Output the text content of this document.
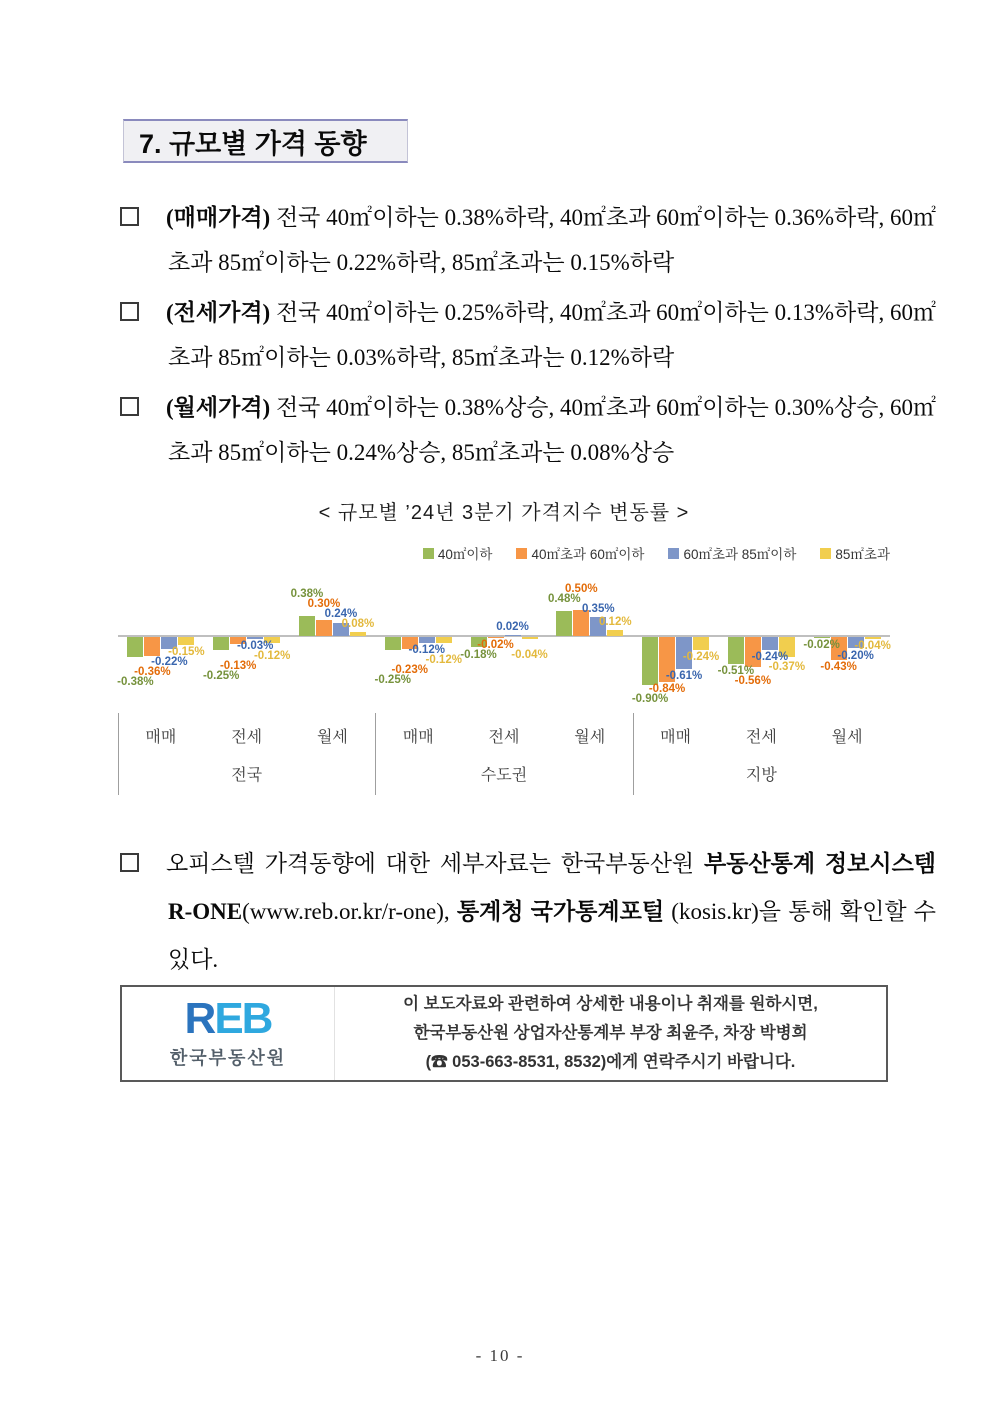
7. 규모별 가격 동향
(매매가격) 전국 40㎡이하는 0.38%하락, 40㎡초과 60㎡이하는 0.36%하락, 60㎡초과 85㎡이하는 0.22%하락, 85㎡초과는 0.15%하락
(전세가격) 전국 40㎡이하는 0.25%하락, 40㎡초과 60㎡이하는 0.13%하락, 60㎡초과 85㎡이하는 0.03%하락, 85㎡초과는 0.12%하락
(월세가격) 전국 40㎡이하는 0.38%상승, 40㎡초과 60㎡이하는 0.30%상승, 60㎡초과 85㎡이하는 0.24%상승, 85㎡초과는 0.08%상승
< 규모별 ’24년 3분기 가격지수 변동률 >
40㎡이하	40㎡초과 60㎡이하	60㎡초과 85㎡이하	85㎡초과
매매
-0.38%
-0.36%
-0.22%
-0.15%
전세
-0.25%
-0.13%
-0.03%
-0.12%
월세
0.38%
0.30%
0.24%
0.08%
전국
매매
-0.25%
-0.23%
-0.12%
-0.12%
전세
-0.18%
-0.02%
0.02%
-0.04%
월세
0.48%
0.50%
0.35%
0.12%
수도권
매매
-0.90%
-0.84%
-0.61%
-0.24%
전세
-0.51%
-0.56%
-0.24%
-0.37%
월세
-0.02%
-0.43%
-0.20%
-0.04%
지방
오피스텔 가격동향에 대한 세부자료는 한국부동산원 부동산통계 정보시스템 R-ONE(www.reb.or.kr/r-one), 통계청 국가통계포털 (kosis.kr)을 통해 확인할 수 있다.
REB
한국부동산원
이 보도자료와 관련하여 상세한 내용이나 취재를 원하시면,
한국부동산원 상업자산통계부 부장 최윤주, 차장 박병희
(☎ 053-663-8531, 8532)에게 연락주시기 바랍니다.
- 10 -
